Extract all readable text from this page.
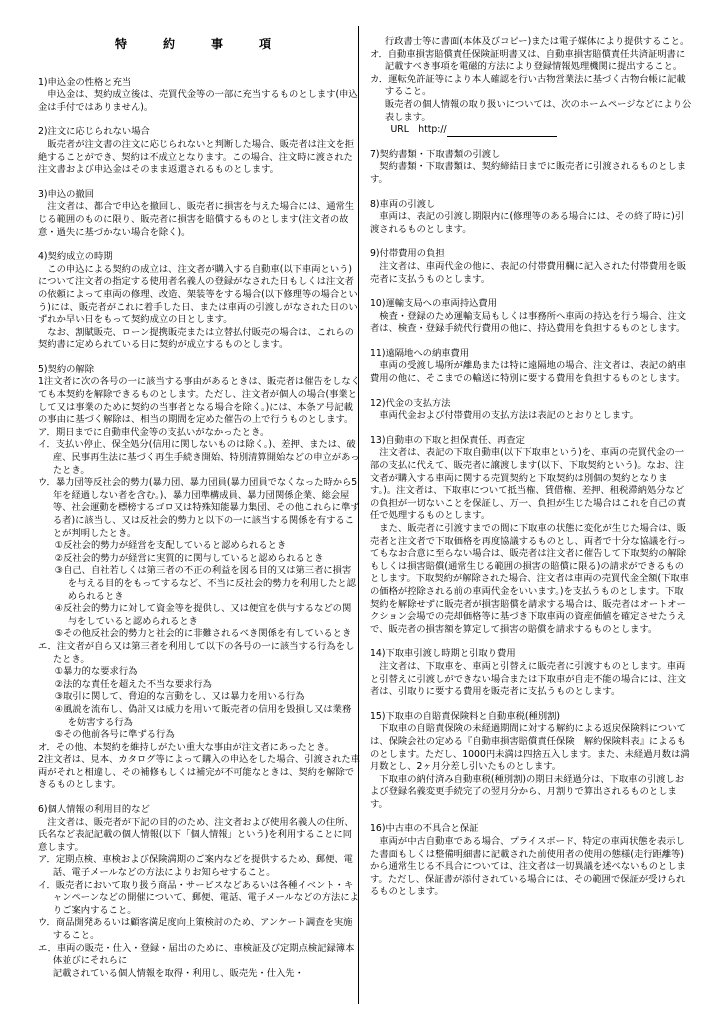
特　約　事　項
1)申込金の性格と充当

申込金は、契約成立後は、売買代金等の一部に充当するものとします(申込金は手付ではありません)。

2)注文に応じられない場合

販売者が注文書の注文に応じられないと判断した場合、販売者は注文を拒絶することができ、契約は不成立となります。この場合、注文時に渡された注文書および申込金はそのまま返還されるものとします。

3)申込の撤回

注文者は、都合で申込を撤回し、販売者に損害を与えた場合には、通常生じる範囲のものに限り、販売者に損害を賠償するものとします(注文者の故意・過失に基づかない場合を除く)。

4)契約成立の時期

この申込による契約の成立は、注文者が購入する自動車(以下車両という)について注文者の指定する使用者名義人の登録がなされた日もしくは注文者の依頼によって車両の修理、改造、架装等をする場合(以下修理等の場合という)には、販売者がこれに着手した日、または車両の引渡しがなされた日のいずれか早い日をもって契約成立の日とします。

なお、割賦販売、ローン提携販売または立替払付販売の場合は、これらの契約書に定められている日に契約が成立するものとします。

5)契約の解除

1注文者に次の各号の一に該当する事由があるときは、販売者は催告をしなくても本契約を解除できるものとします。ただし、注文者が個人の場合(事業として又は事業のために契約の当事者となる場合を除く。)には、本条ア号記載の事由に基づく解除は、相当の期間を定めた催告の上で行うものとします。

ア．期日までに自動車代金等の支払いがなかったとき。

イ．支払い停止、保全処分(信用に関しないものは除く。)、差押、または、破産、民事再生法に基づく再生手続き開始、特別清算開始などの申立があったとき。

ウ．暴力団等反社会的勢力(暴力団、暴力団員(暴力団員でなくなった時から5年を経過しない者を含む。)、暴力団準構成員、暴力団関係企業、総会屋等、社会運動を標榜するゴロ又は特殊知能暴力集団、その他これらに準ずる者)に該当し、又は反社会的勢力と以下の一に該当する関係を有することが判明したとき。

①反社会的勢力が経営を支配していると認められるとき

②反社会的勢力が経営に実質的に関与していると認められるとき

③自己、自社若しくは第三者の不正の利益を図る目的又は第三者に損害を与える目的をもってするなど、不当に反社会的勢力を利用したと認められるとき

④反社会的勢力に対して資金等を提供し、又は便宜を供与するなどの関与をしていると認められるとき

⑤その他反社会的勢力と社会的に非難されるべき関係を有しているとき

エ．注文者が自ら又は第三者を利用して以下の各号の一に該当する行為をしたとき。

①暴力的な要求行為

②法的な責任を超えた不当な要求行為

③取引に関して、脅迫的な言動をし、又は暴力を用いる行為

④風説を流布し、偽計又は威力を用いて販売者の信用を毀損し又は業務を妨害する行為

⑤その他前各号に準ずる行為

オ．その他、本契約を維持しがたい重大な事由が注文者にあったとき。

2注文者は、見本、カタログ等によって購入の申込をした場合、引渡された車両がそれと相違し、その補修もしくは補完が不可能なときは、契約を解除できるものとします。

6)個人情報の利用目的など

注文者は、販売者が下記の目的のため、注文者および使用名義人の住所、氏名など表記記載の個人情報(以下「個人情報」という)を利用することに同意します。

ア．定期点検、車検および保険満期のご案内などを提供するため、郵便、電話、電子メールなどの方法によりお知らせすること。

イ．販売者において取り扱う商品・サービスなどあるいは各種イベント・キャンペーンなどの開催について、郵便、電話、電子メールなどの方法によりご案内すること。

ウ．商品開発あるいは顧客満足度向上策検討のため、アンケート調査を実施すること。

エ．車両の販売・仕入・登録・届出のために、車検証及び定期点検記録簿本体並びにそれらに

記載されている個人情報を取得・利用し、販売先・仕入先・

行政書士等に書面(本体及びコピー)または電子媒体により提供すること。

オ．自動車損害賠償責任保険証明書又は、自動車損害賠償責任共済証明書に記載すべき事項を電磁的方法により登録情報処理機関に提出すること。

カ．運転免許証等により本人確認を行い古物営業法に基づく古物台帳に記載すること。

販売者の個人情報の取り扱いについては、次のホームページなどにより公表します。

URL　http://

7)契約書類・下取書類の引渡し

契約書類・下取書類は、契約締結日までに販売者に引渡されるものとします。

8)車両の引渡し

車両は、表記の引渡し期限内に(修理等のある場合には、その終了時に)引渡されるものとします。

9)付帯費用の負担

注文者は、車両代金の他に、表記の付帯費用欄に記入された付帯費用を販売者に支払うものとします。

10)運輸支局への車両持込費用

検査・登録のため運輸支局もしくは事務所へ車両の持込を行う場合、注文者は、検査・登録手続代行費用の他に、持込費用を負担するものとします。

11)遠隔地への納車費用

車両の受渡し場所が離島または特に遠隔地の場合、注文者は、表記の納車費用の他に、そこまでの輸送に特別に要する費用を負担するものとします。

12)代金の支払方法

車両代金および付帯費用の支払方法は表記のとおりとします。

13)自動車の下取と担保責任、再査定

注文者は、表記の下取自動車(以下下取車という)を、車両の売買代金の一部の支払に代えて、販売者に譲渡します(以下、下取契約という)。なお、注文者が購入する車両に関する売買契約と下取契約は別個の契約となります。)。注文者は、下取車について抵当権、賃借権、差押、租税滞納処分などの負担が一切ないことを保証し、万一、負担が生じた場合はこれを自己の責任で処理するものとします。

また、販売者に引渡すまでの間に下取車の状態に変化が生じた場合は、販売者と注文者で下取価格を再度協議するものとし、両者で十分な協議を行ってもなお合意に至らない場合は、販売者は注文者に催告して下取契約の解除もしくは損害賠償(通常生じる範囲の損害の賠償に限る)の請求ができるものとします。下取契約が解除された場合、注文者は車両の売買代金全額(下取車の価格が控除される前の車両代金をいいます。)を支払うものとします。下取契約を解除せずに販売者が損害賠償を請求する場合は、販売者はオートオークション会場での売却価格等に基づき下取車両の資産価値を確定させたうえで、販売者の損害額を算定して損害の賠償を請求するものとします。

14)下取車引渡し時期と引取り費用

注文者は、下取車を、車両と引替えに販売者に引渡すものとします。車両と引替えに引渡しができない場合または下取車が自走不能の場合には、注文者は、引取りに要する費用を販売者に支払うものとします。

15)下取車の自賠責保険料と自動車税(種別割)

下取車の自賠責保険の未経過期間に対する解約による返戻保険料については、保険会社の定める『自動車損害賠償責任保険　解約保険料表』によるものとします。ただし、1000円未満は四捨五入します。また、未経過月数は満月数とし、2ヶ月分差し引いたものとします。

下取車の納付済み自動車税(種別割)の期日未経過分は、下取車の引渡しおよび登録名義変更手続完了の翌月分から、月割りで算出されるものとします。

16)中古車の不具合と保証

車両が中古自動車である場合、プライスボード、特定の車両状態を表示した書面もしくは整備明細書に記載された前使用者の使用の態様(走行距離等)から通常生じる不具合については、注文者は一切異議を述べないものとします。ただし、保証書が添付されている場合には、その範囲で保証が受けられるものとします。
